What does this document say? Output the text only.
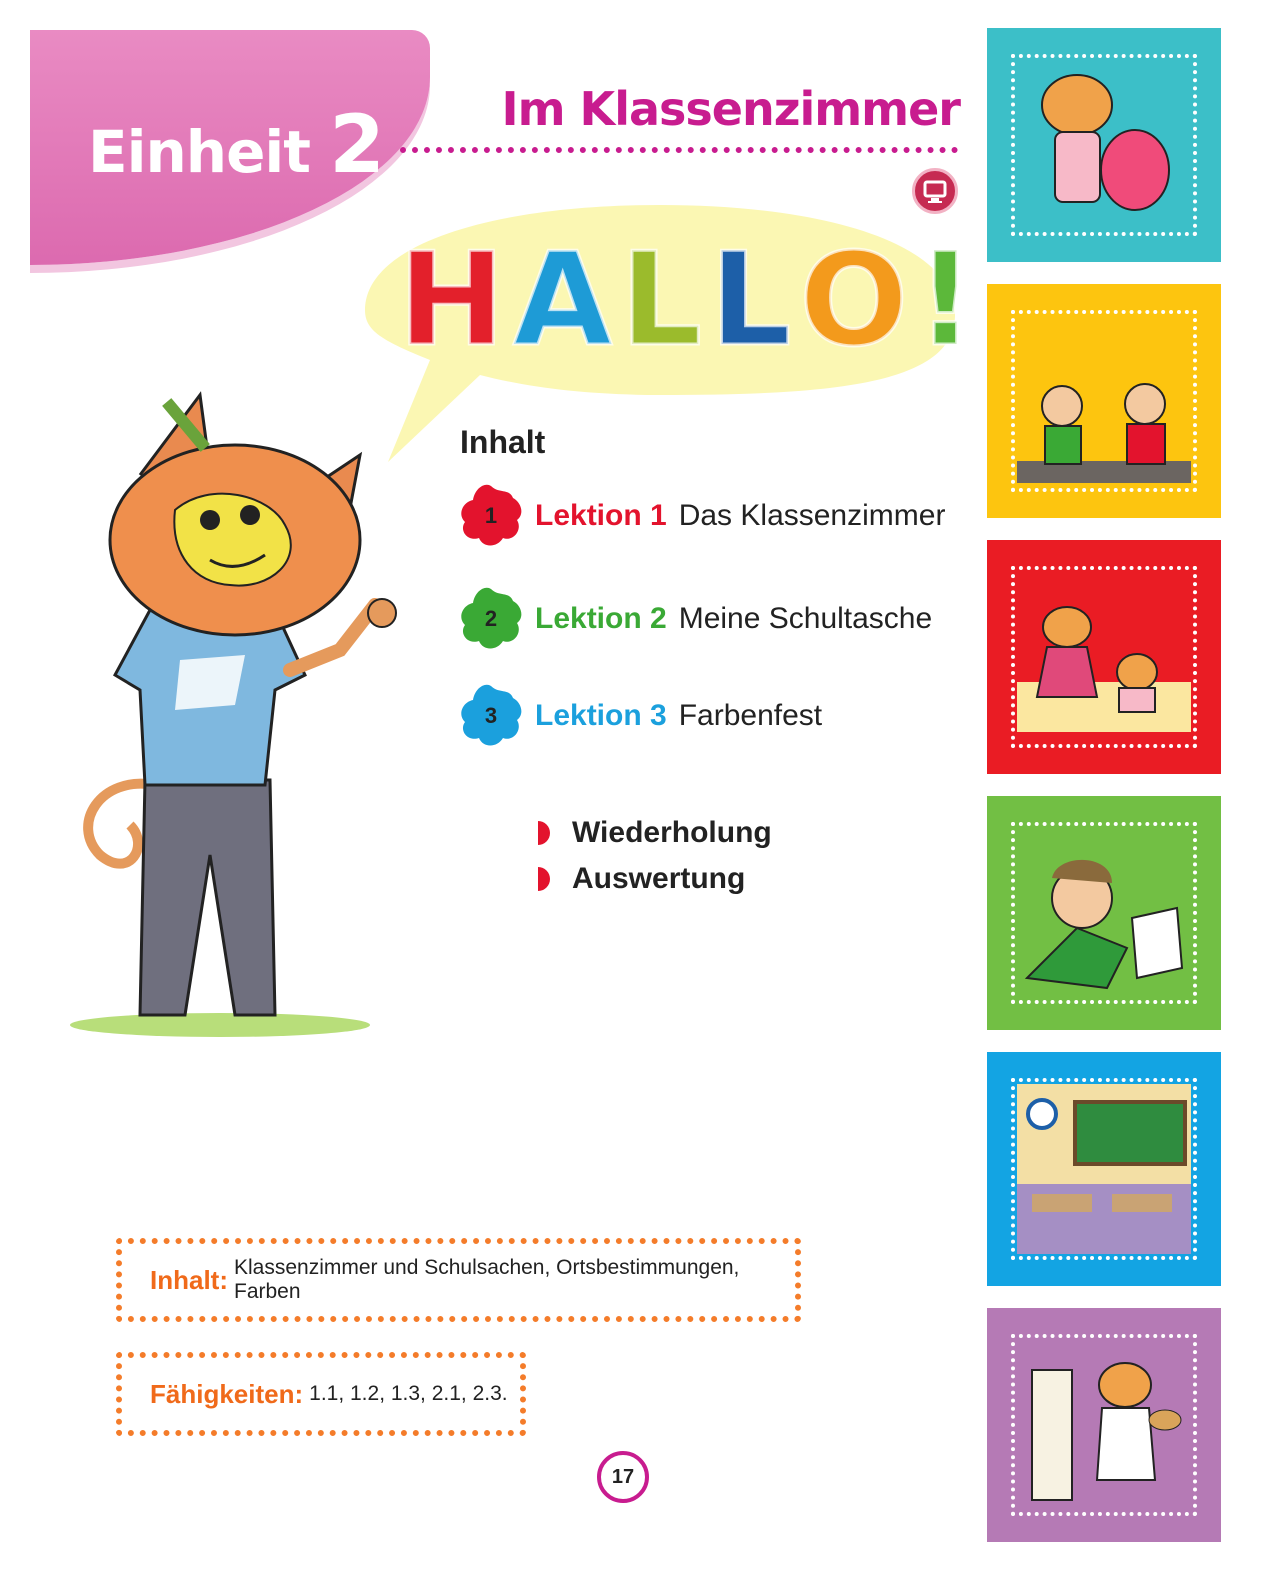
Einheit 2	Im Klassenzimmer
H A L L O !
Inhalt
1	Lektion 1 Das Klassenzimmer
2	Lektion 2 Meine Schultasche
3	Lektion 3 Farbenfest
Wiederholung
Auswertung
Inhalt: Klassenzimmer und Schulsachen, Ortsbestimmungen, Farben
Fähigkeiten: 1.1, 1.2, 1.3, 2.1, 2.3.
17
